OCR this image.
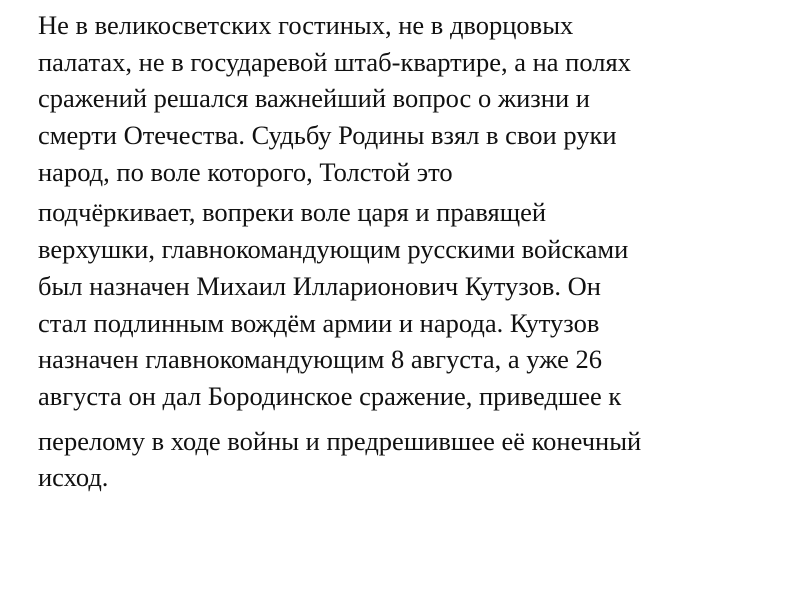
Не в великосветских гостиных, не в дворцовых
палатах, не в государевой штаб-квартире, а на полях
сражений решался важнейший вопрос о жизни и
смерти Отечества. Судьбу Родины взял в свои руки
народ, по воле которого, Толстой это

подчёркивает, вопреки воле царя и правящей
верхушки, главнокомандующим русскими войсками
был назначен Михаил Илларионович Кутузов. Он
стал подлинным вождём армии и народа. Кутузов
назначен главнокомандующим 8 августа, а уже 26
августа он дал Бородинское сражение, приведшее к

перелому в ходе войны и предрешившее её конечный
исход.
